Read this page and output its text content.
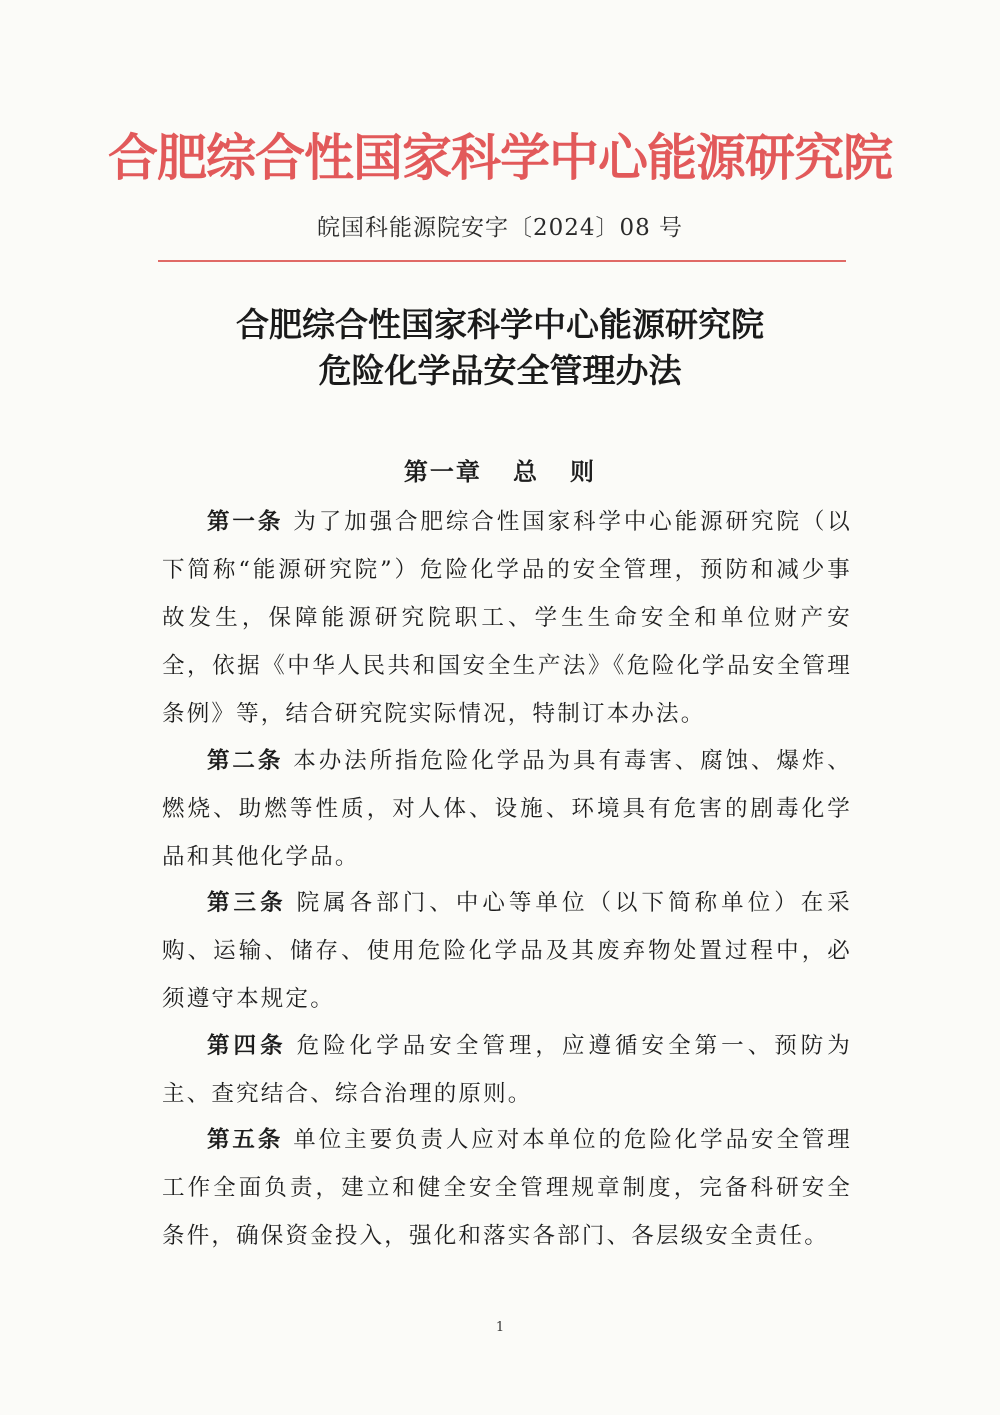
合肥综合性国家科学中心能源研究院
皖国科能源院安字〔2024〕08 号
合肥综合性国家科学中心能源研究院
危险化学品安全管理办法
第一章   总   则

第一条 为了加强合肥综合性国家科学中心能源研究院（以下简称“能源研究院”）危险化学品的安全管理，预防和减少事故发生，保障能源研究院职工、学生生命安全和单位财产安全，依据《中华人民共和国安全生产法》《危险化学品安全管理条例》等，结合研究院实际情况，特制订本办法。

第二条 本办法所指危险化学品为具有毒害、腐蚀、爆炸、燃烧、助燃等性质，对人体、设施、环境具有危害的剧毒化学品和其他化学品。

第三条 院属各部门、中心等单位（以下简称单位）在采购、运输、储存、使用危险化学品及其废弃物处置过程中，必须遵守本规定。

第四条 危险化学品安全管理，应遵循安全第一、预防为主、查究结合、综合治理的原则。

第五条 单位主要负责人应对本单位的危险化学品安全管理工作全面负责，建立和健全安全管理规章制度，完备科研安全条件，确保资金投入，强化和落实各部门、各层级安全责任。

1
